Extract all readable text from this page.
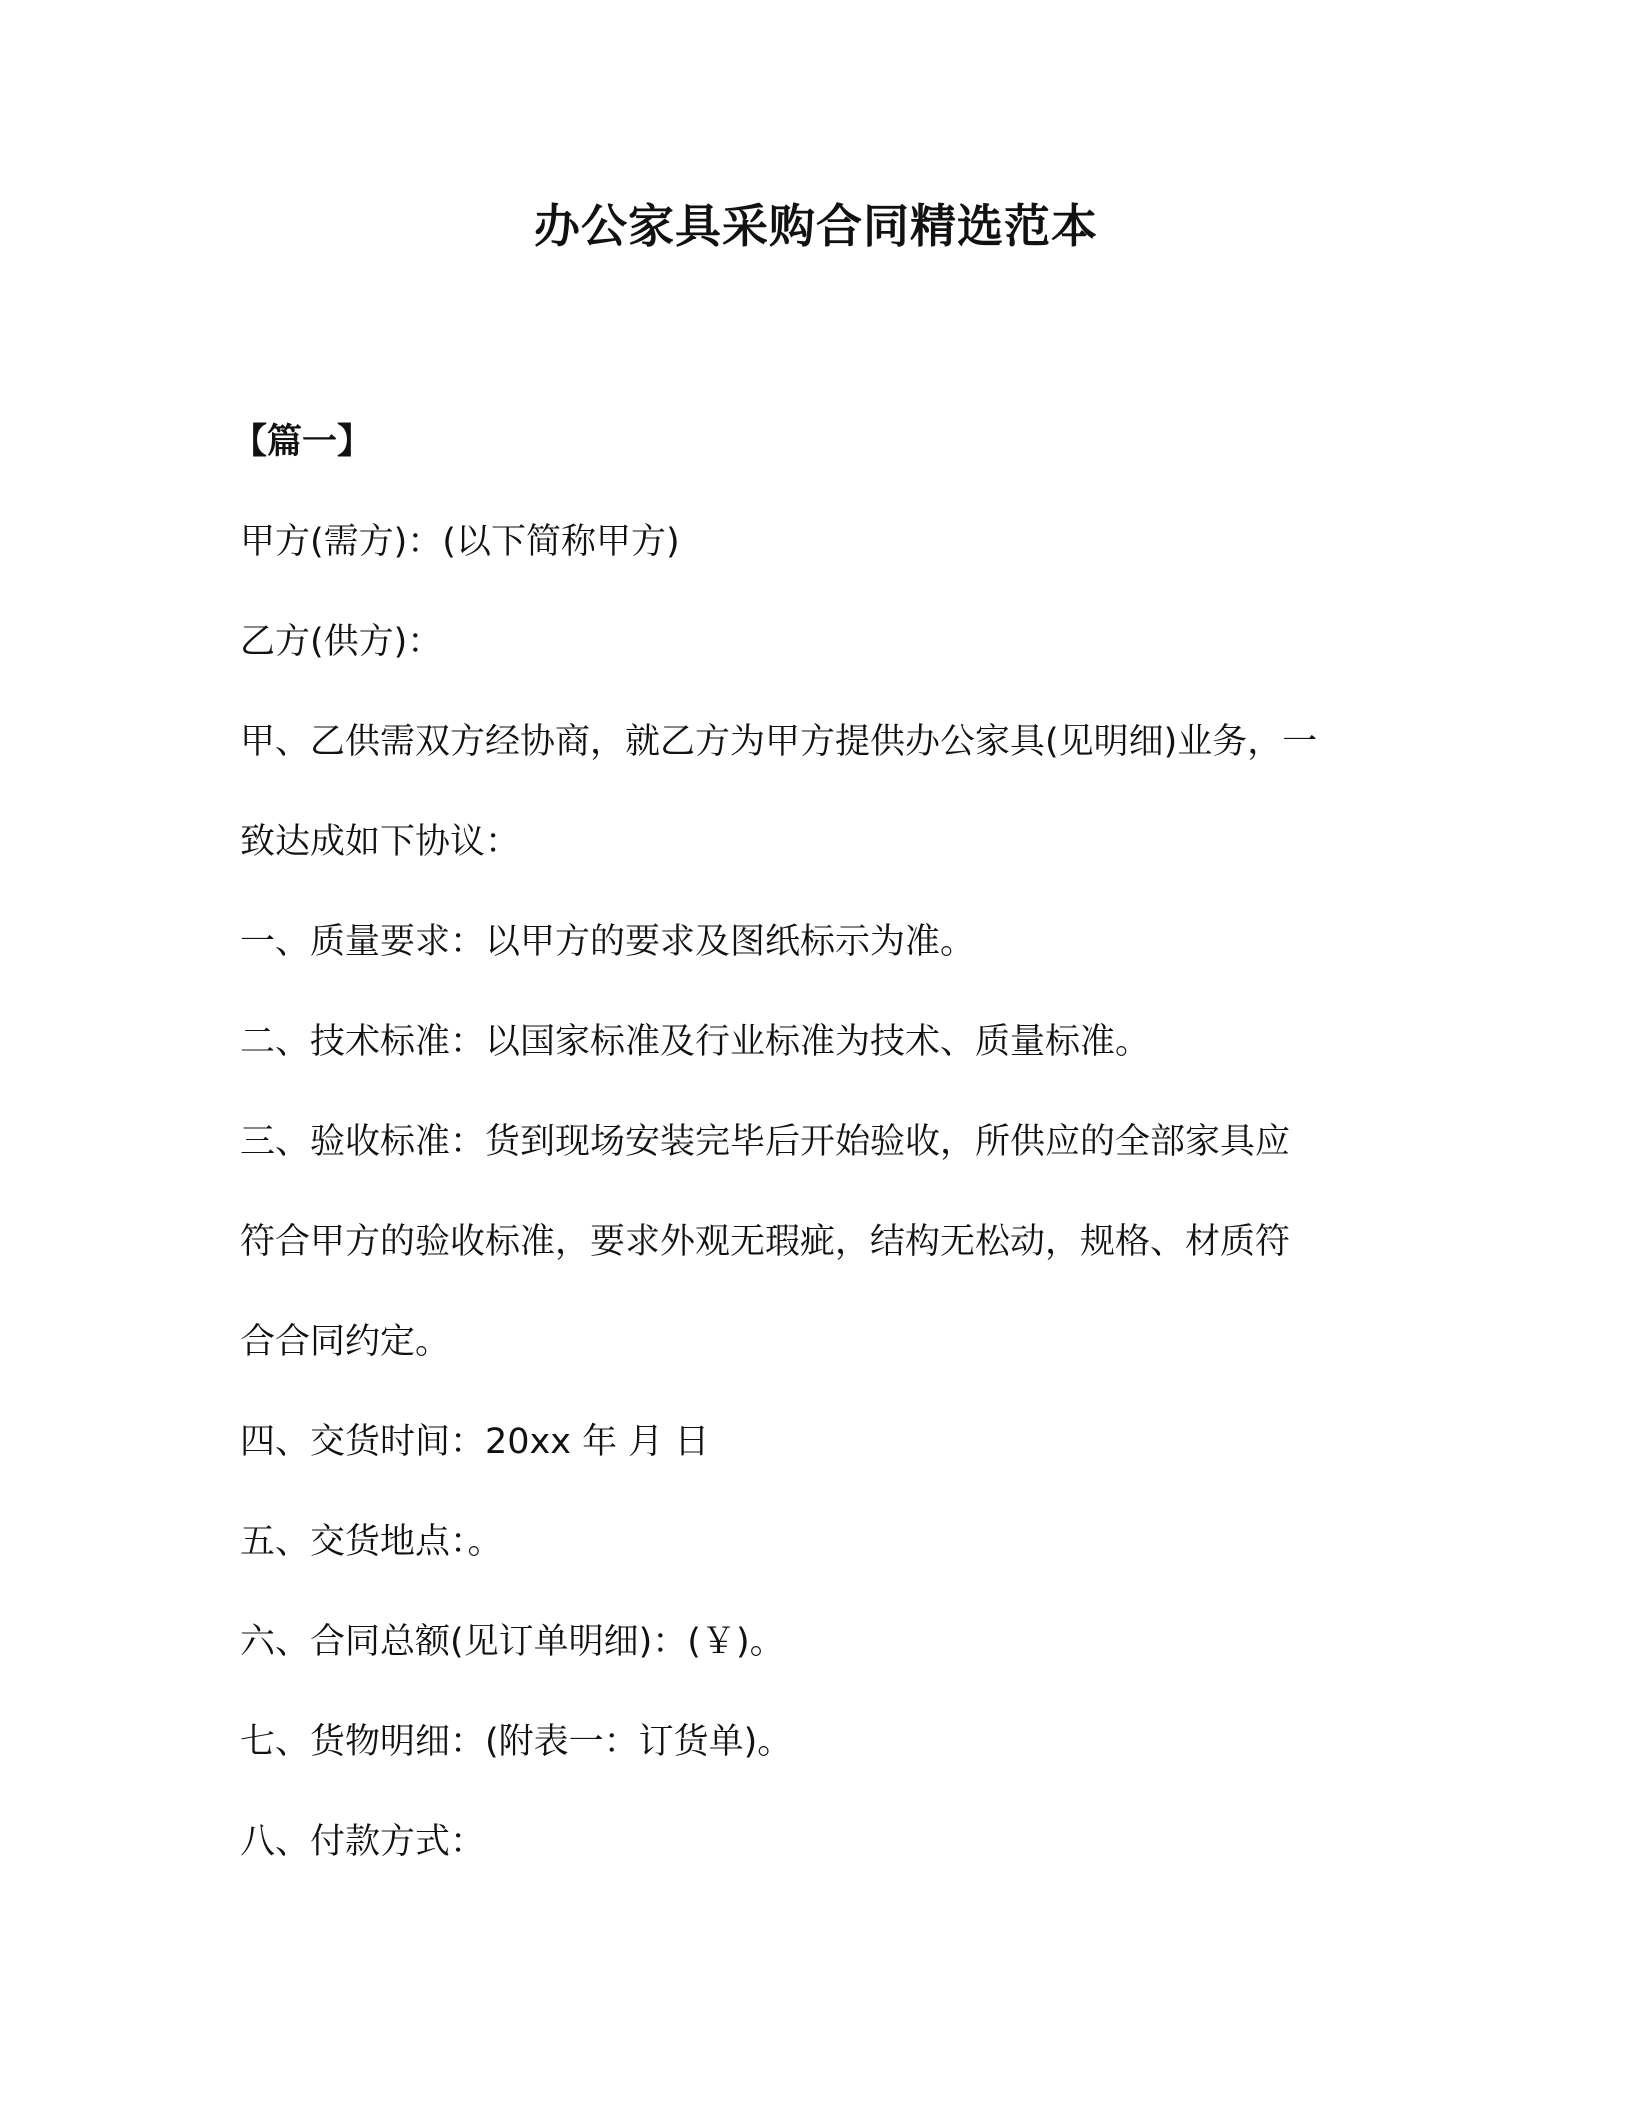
办公家具采购合同精选范本
【篇一】
甲方(需方)：(以下简称甲方)
乙方(供方)：
甲、乙供需双方经协商，就乙方为甲方提供办公家具(见明细)业务，一
致达成如下协议：
一、质量要求：以甲方的要求及图纸标示为准。
二、技术标准：以国家标准及行业标准为技术、质量标准。
三、验收标准：货到现场安装完毕后开始验收，所供应的全部家具应
符合甲方的验收标准，要求外观无瑕疵，结构无松动，规格、材质符
合合同约定。
四、交货时间：20xx 年 月 日
五、交货地点：。
六、合同总额(见订单明细)：(￥)。
七、货物明细：(附表一：订货单)。
八、付款方式：
